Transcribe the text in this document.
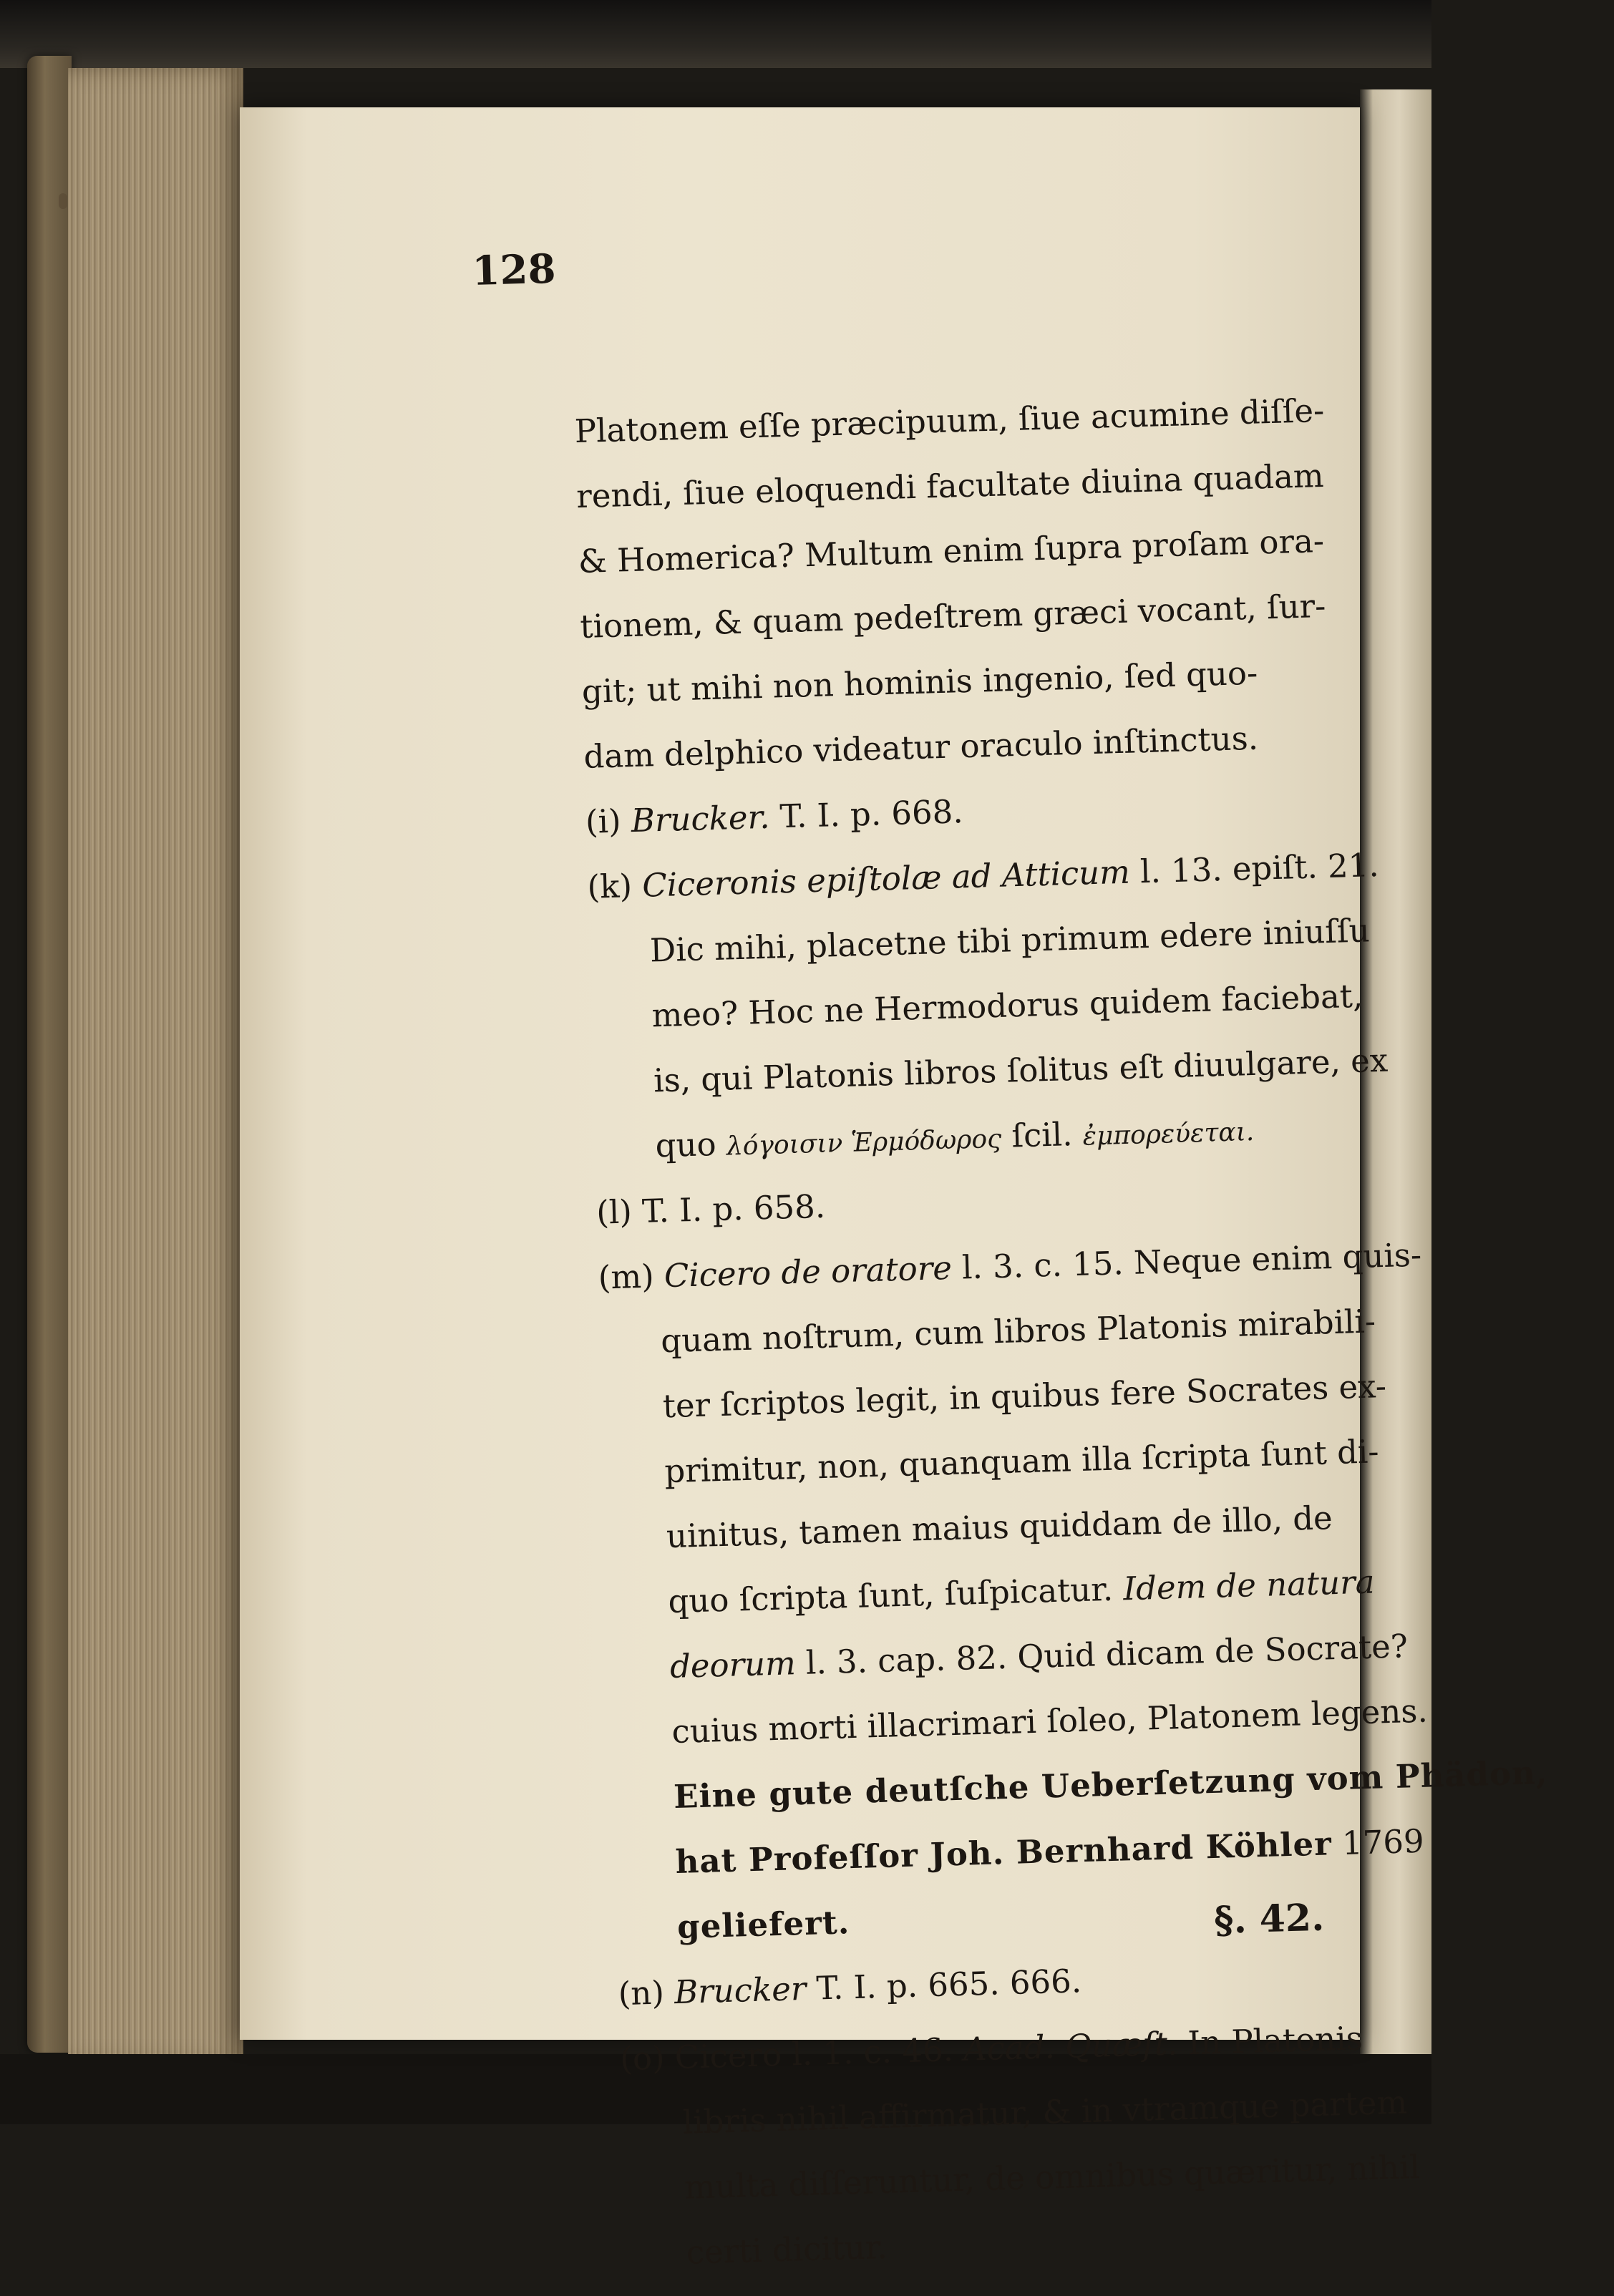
128
Platonem eſſe præcipuum, ſiue acumine diſſe-
rendi, ſiue eloquendi facultate diuina quadam
& Homerica? Multum enim ſupra proſam ora-
tionem, & quam pedeſtrem græci vocant, ſur-
git; ut mihi non hominis ingenio, ſed quo-
dam delphico videatur oraculo inſtinctus.
(i) Brucker. T. I. p. 668.
(k) Ciceronis epiſtolæ ad Atticum l. 13. epiſt. 21.
Dic mihi, placetne tibi primum edere iniuſſu
meo? Hoc ne Hermodorus quidem faciebat,
is, qui Platonis libros ſolitus eſt diuulgare, ex
quo λόγοισιν Ἑρμόδωρος ſcil. ἐμπορεύεται.
(l) T. I. p. 658.
(m) Cicero de oratore l. 3. c. 15. Neque enim quis-
quam noſtrum, cum libros Platonis mirabili-
ter ſcriptos legit, in quibus fere Socrates ex-
primitur, non, quanquam illa ſcripta ſunt di-
uinitus, tamen maius quiddam de illo, de
quo ſcripta ſunt, ſuſpicatur. Idem de natura
deorum l. 3. cap. 82. Quid dicam de Socrate?
cuius morti illacrimari ſoleo, Platonem legens.
Eine gute deutſche Ueberſetzung vom Phädon,
hat Profeſſor Joh. Bernhard Köhler 1769
geliefert.
(n) Brucker T. I. p. 665. 666.
(o) Cicero l. 1. c. 46. Acad. Quæſt. In Platonis
libris nihil affirmatur, & in vtramque partem
multa diſſeruntur, de omnibus quæritur, nihil
certi dicitur.
§. 42.
